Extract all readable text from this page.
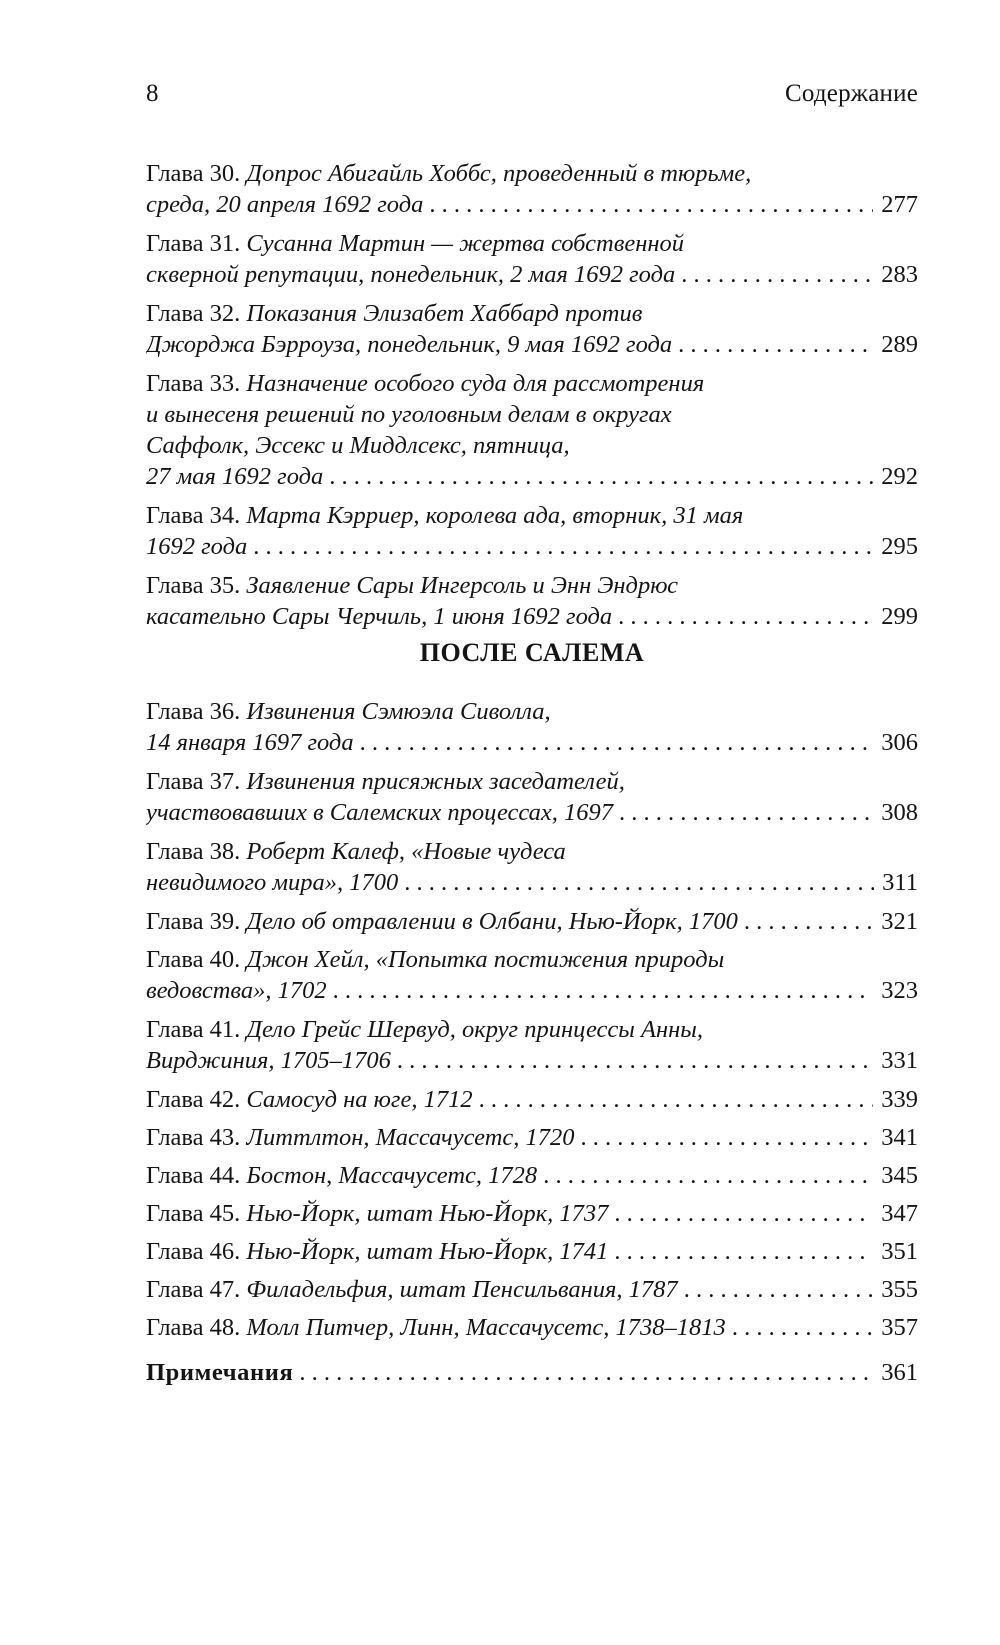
8	Содержание
Глава 30. Допрос Абигайль Хоббс, проведенный в тюрьме,
среда, 20 апреля 1692 года . . .	277
Глава 31. Сусанна Мартин — жертва собственной
скверной репутации, понедельник, 2 мая 1692 года . . .	283
Глава 32. Показания Элизабет Хаббард против
Джорджа Бэрроуза, понедельник, 9 мая 1692 года . . .	289
Глава 33. Назначение особого суда для рассмотрения
и вынесеня решений по уголовным делам в округах
Саффолк, Эссекс и Миддлсекс, пятница,
27 мая 1692 года . . .	292
Глава 34. Марта Кэрриер, королева ада, вторник, 31 мая
1692 года . . .	295
Глава 35. Заявление Сары Ингерсоль и Энн Эндрюс
касательно Сары Черчиль, 1 июня 1692 года . . .	299
ПОСЛЕ САЛЕМА
Глава 36. Извинения Сэмюэла Сиволла,
14 января 1697 года . . .	306
Глава 37. Извинения присяжных заседателей,
участвовавших в Салемских процессах, 1697 . . .	308
Глава 38. Роберт Калеф, «Новые чудеса
невидимого мира», 1700 . . .	311
Глава 39. Дело об отравлении в Олбани, Нью-Йорк, 1700 . . .	321
Глава 40. Джон Хейл, «Попытка постижения природы
ведовства», 1702 . . .	323
Глава 41. Дело Грейс Шервуд, округ принцессы Анны,
Вирджиния, 1705–1706 . . .	331
Глава 42. Самосуд на юге, 1712 . . .	339
Глава 43. Литтлтон, Массачусетс, 1720 . . .	341
Глава 44. Бостон, Массачусетс, 1728 . . .	345
Глава 45. Нью-Йорк, штат Нью-Йорк, 1737 . . .	347
Глава 46. Нью-Йорк, штат Нью-Йорк, 1741 . . .	351
Глава 47. Филадельфия, штат Пенсильвания, 1787 . . .	355
Глава 48. Молл Питчер, Линн, Массачусетс, 1738–1813 . . .	357
Примечания . . .	361
